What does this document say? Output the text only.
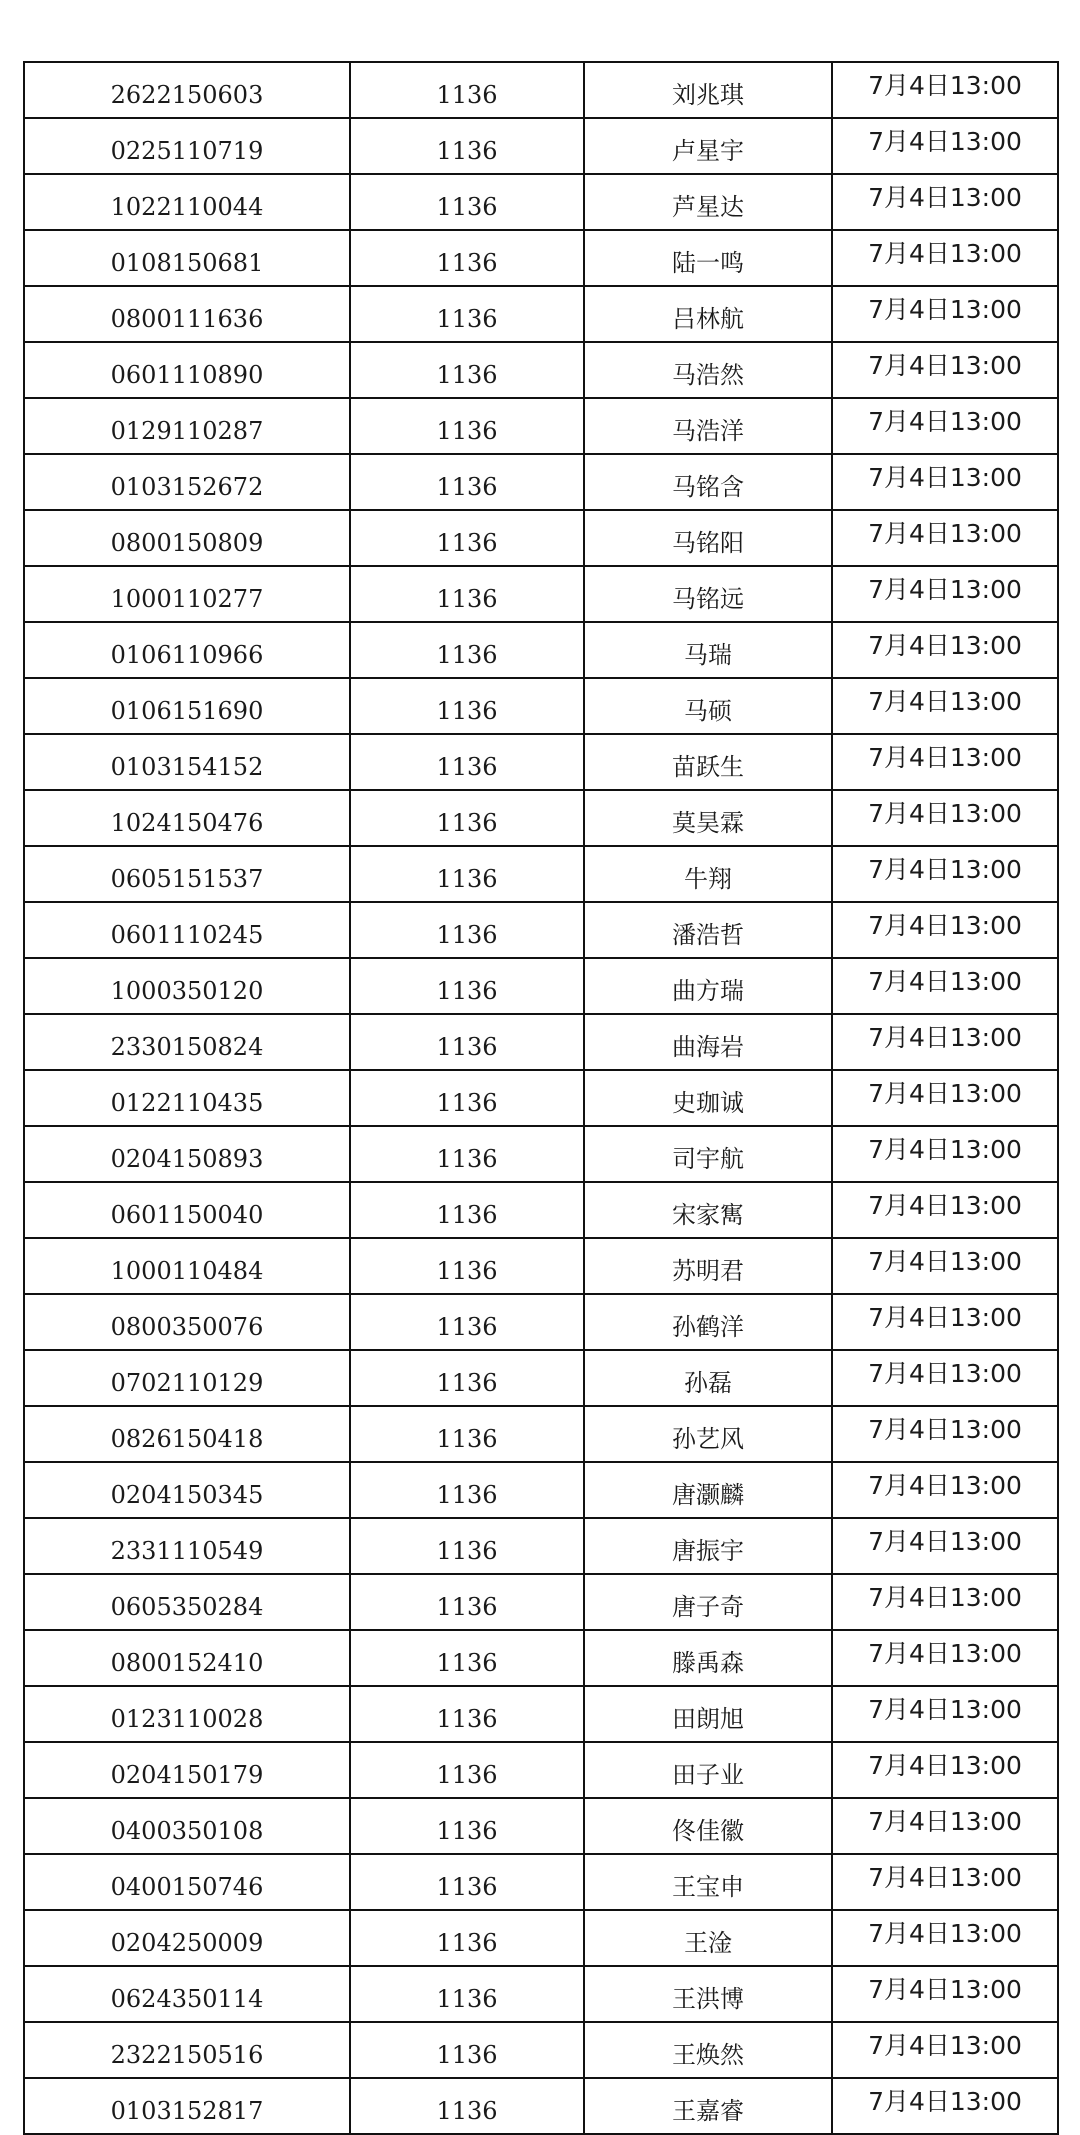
2622150603	1136	刘兆琪	7月4日13:00
0225110719	1136	卢星宇	7月4日13:00
1022110044	1136	芦星达	7月4日13:00
0108150681	1136	陆一鸣	7月4日13:00
0800111636	1136	吕林航	7月4日13:00
0601110890	1136	马浩然	7月4日13:00
0129110287	1136	马浩洋	7月4日13:00
0103152672	1136	马铭含	7月4日13:00
0800150809	1136	马铭阳	7月4日13:00
1000110277	1136	马铭远	7月4日13:00
0106110966	1136	马瑞	7月4日13:00
0106151690	1136	马硕	7月4日13:00
0103154152	1136	苗跃生	7月4日13:00
1024150476	1136	莫昊霖	7月4日13:00
0605151537	1136	牛翔	7月4日13:00
0601110245	1136	潘浩哲	7月4日13:00
1000350120	1136	曲方瑞	7月4日13:00
2330150824	1136	曲海岩	7月4日13:00
0122110435	1136	史珈诚	7月4日13:00
0204150893	1136	司宇航	7月4日13:00
0601150040	1136	宋家寯	7月4日13:00
1000110484	1136	苏明君	7月4日13:00
0800350076	1136	孙鹤洋	7月4日13:00
0702110129	1136	孙磊	7月4日13:00
0826150418	1136	孙艺风	7月4日13:00
0204150345	1136	唐灏麟	7月4日13:00
2331110549	1136	唐振宇	7月4日13:00
0605350284	1136	唐子奇	7月4日13:00
0800152410	1136	滕禹森	7月4日13:00
0123110028	1136	田朗旭	7月4日13:00
0204150179	1136	田子业	7月4日13:00
0400350108	1136	佟佳徽	7月4日13:00
0400150746	1136	王宝申	7月4日13:00
0204250009	1136	王淦	7月4日13:00
0624350114	1136	王洪博	7月4日13:00
2322150516	1136	王焕然	7月4日13:00
0103152817	1136	王嘉睿	7月4日13:00
